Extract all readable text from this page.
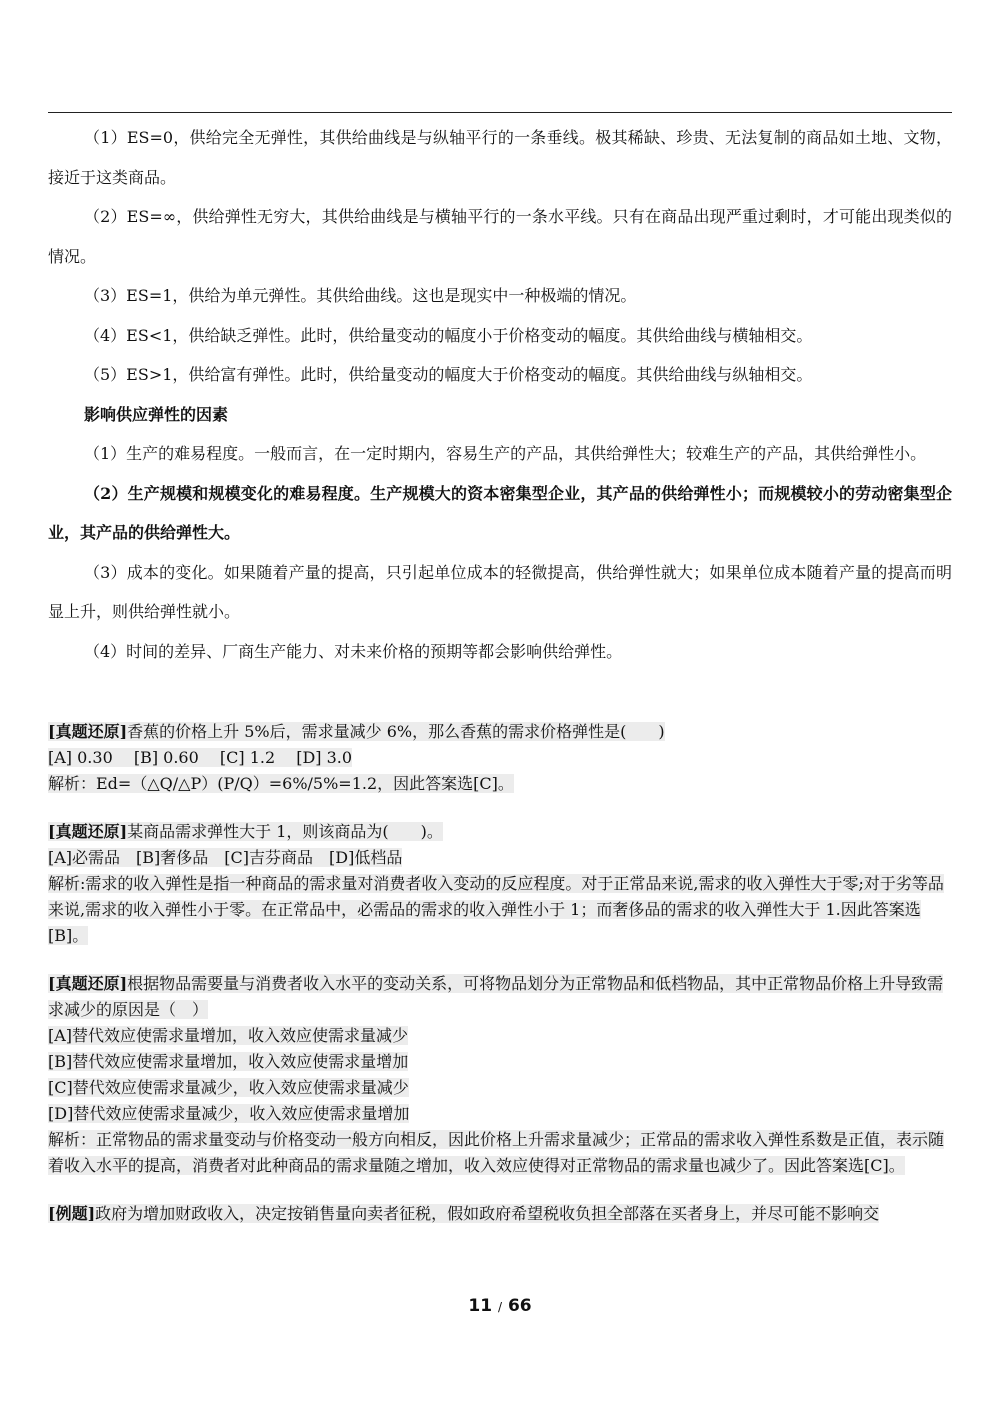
（1）ES=0，供给完全无弹性，其供给曲线是与纵轴平行的一条垂线。极其稀缺、珍贵、无法复制的商品如土地、文物，接近于这类商品。

（2）ES=∞，供给弹性无穷大，其供给曲线是与横轴平行的一条水平线。只有在商品出现严重过剩时，才可能出现类似的情况。

（3）ES=1，供给为单元弹性。其供给曲线。这也是现实中一种极端的情况。

（4）ES<1，供给缺乏弹性。此时，供给量变动的幅度小于价格变动的幅度。其供给曲线与横轴相交。

（5）ES>1，供给富有弹性。此时，供给量变动的幅度大于价格变动的幅度。其供给曲线与纵轴相交。

影响供应弹性的因素

（1）生产的难易程度。一般而言，在一定时期内，容易生产的产品，其供给弹性大；较难生产的产品，其供给弹性小。

（2）生产规模和规模变化的难易程度。生产规模大的资本密集型企业，其产品的供给弹性小；而规模较小的劳动密集型企业，其产品的供给弹性大。

（3）成本的变化。如果随着产量的提高，只引起单位成本的轻微提高，供给弹性就大；如果单位成本随着产量的提高而明显上升，则供给弹性就小。

（4）时间的差异、厂商生产能力、对未来价格的预期等都会影响供给弹性。

[真题还原]香蕉的价格上升 5%后，需求量减少 6%，那么香蕉的需求价格弹性是(　　)

[A] 0.30　 [B] 0.60　 [C] 1.2　 [D] 3.0

解析：Ed=（△Q/△P）(P/Q）=6%/5%=1.2，因此答案选[C]。

[真题还原]某商品需求弹性大于 1，则该商品为(　　)。

[A]必需品　[B]奢侈品　[C]吉芬商品　[D]低档品

解析:需求的收入弹性是指一种商品的需求量对消费者收入变动的反应程度。对于正常品来说,需求的收入弹性大于零;对于劣等品来说,需求的收入弹性小于零。在正常品中，必需品的需求的收入弹性小于 1；而奢侈品的需求的收入弹性大于 1.因此答案选[B]。

[真题还原]根据物品需要量与消费者收入水平的变动关系，可将物品划分为正常物品和低档物品，其中正常物品价格上升导致需求减少的原因是（　）

[A]替代效应使需求量增加，收入效应使需求量减少

[B]替代效应使需求量增加，收入效应使需求量增加

[C]替代效应使需求量减少，收入效应使需求量减少

[D]替代效应使需求量减少，收入效应使需求量增加

解析：正常物品的需求量变动与价格变动一般方向相反，因此价格上升需求量减少；正常品的需求收入弹性系数是正值，表示随着收入水平的提高，消费者对此种商品的需求量随之增加，收入效应使得对正常物品的需求量也减少了。因此答案选[C]。

[例题]政府为增加财政收入，决定按销售量向卖者征税，假如政府希望税收负担全部落在买者身上，并尽可能不影响交

11 / 66
